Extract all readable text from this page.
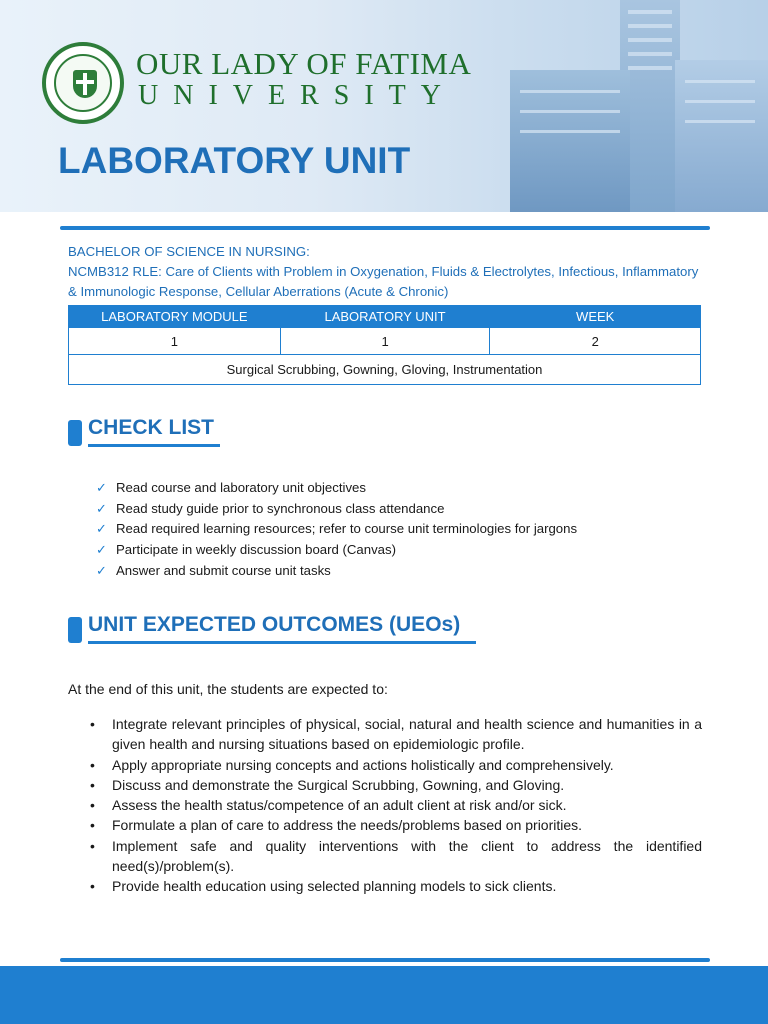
OUR LADY OF FATIMA
UNIVERSITY
LABORATORY UNIT
BACHELOR OF SCIENCE IN NURSING:
NCMB312 RLE: Care of Clients with Problem in Oxygenation, Fluids & Electrolytes, Infectious, Inflammatory & Immunologic Response, Cellular Aberrations (Acute & Chronic)
LABORATORY MODULE	LABORATORY UNIT	WEEK
1	1	2
Surgical Scrubbing, Gowning, Gloving, Instrumentation		
CHECK LIST
✓ Read course and laboratory unit objectives
✓ Read study guide prior to synchronous class attendance
✓ Read required learning resources; refer to course unit terminologies for jargons
✓ Participate in weekly discussion board (Canvas)
✓ Answer and submit course unit tasks
UNIT EXPECTED OUTCOMES (UEOs)
At the end of this unit, the students are expected to:
• Integrate relevant principles of physical, social, natural and health science and humanities in a given health and nursing situations based on epidemiologic profile.
• Apply appropriate nursing concepts and actions holistically and comprehensively.
• Discuss and demonstrate the Surgical Scrubbing, Gowning, and Gloving.
• Assess the health status/competence of an adult client at risk and/or sick.
• Formulate a plan of care to address the needs/problems based on priorities.
• Implement safe and quality interventions with the client to address the identified need(s)/problem(s).
• Provide health education using selected planning models to sick clients.
